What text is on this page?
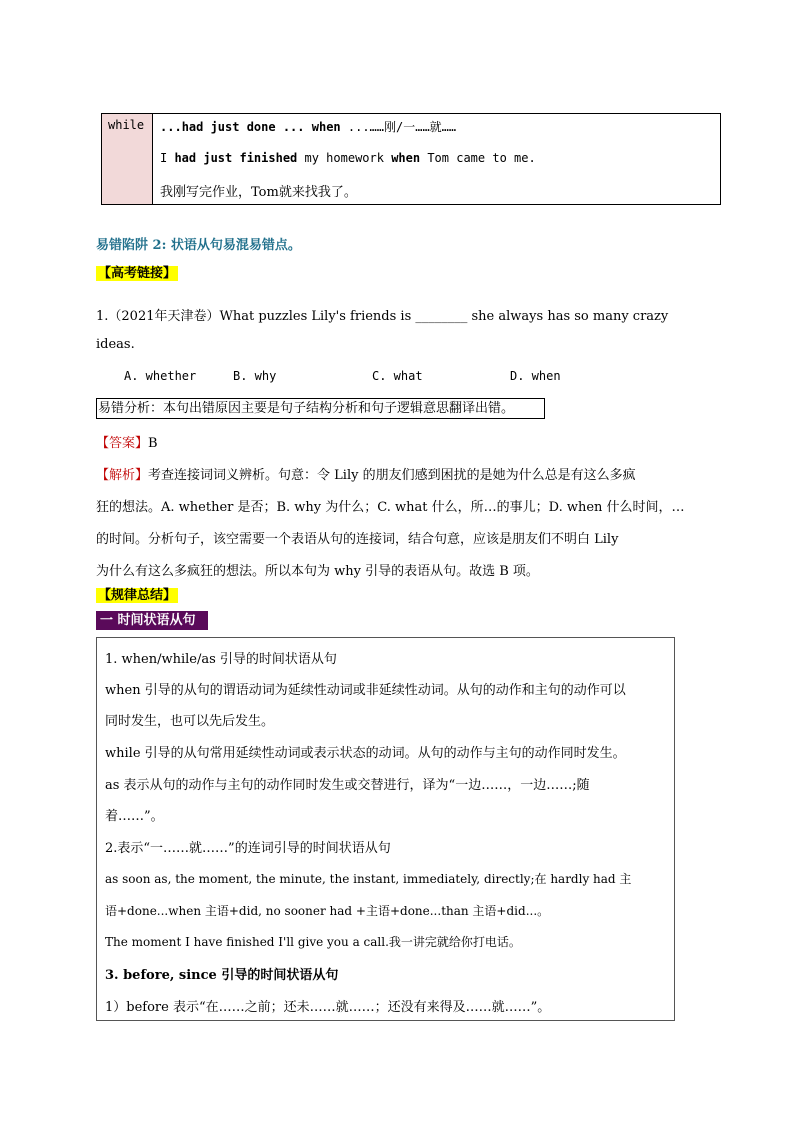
while ...had just done ... when ...……刚/一……就……
I had just finished my homework when Tom came to me.
我刚写完作业，Tom就来找我了。
易错陷阱 2: 状语从句易混易错点。
【高考链接】
1.（2021年天津卷）What puzzles Lily's friends is ________ she always has so many crazy
ideas.
A. whether	B. why	C. what	D. when
易错分析：本句出错原因主要是句子结构分析和句子逻辑意思翻译出错。
【答案】B
【解析】考查连接词词义辨析。句意：令 Lily 的朋友们感到困扰的是她为什么总是有这么多疯
狂的想法。A. whether 是否；B. why 为什么；C. what 什么，所…的事儿；D. when 什么时间，…
的时间。分析句子，该空需要一个表语从句的连接词，结合句意，应该是朋友们不明白 Lily
为什么有这么多疯狂的想法。所以本句为 why 引导的表语从句。故选 B 项。
【规律总结】
一 时间状语从句
1. when/while/as 引导的时间状语从句
when 引导的从句的谓语动词为延续性动词或非延续性动词。从句的动作和主句的动作可以
同时发生，也可以先后发生。
while 引导的从句常用延续性动词或表示状态的动词。从句的动作与主句的动作同时发生。
as 表示从句的动作与主句的动作同时发生或交替进行，译为“一边……，一边……;随
着……”。
2.表示“一……就……”的连词引导的时间状语从句
as soon as, the moment, the minute, the instant, immediately, directly;在 hardly had 主
语+done...when 主语+did, no sooner had +主语+done...than 主语+did...。
The moment I have finished I'll give you a call.我一讲完就给你打电话。
3. before, since 引导的时间状语从句
1）before 表示“在……之前；还未……就……；还没有来得及……就……”。
